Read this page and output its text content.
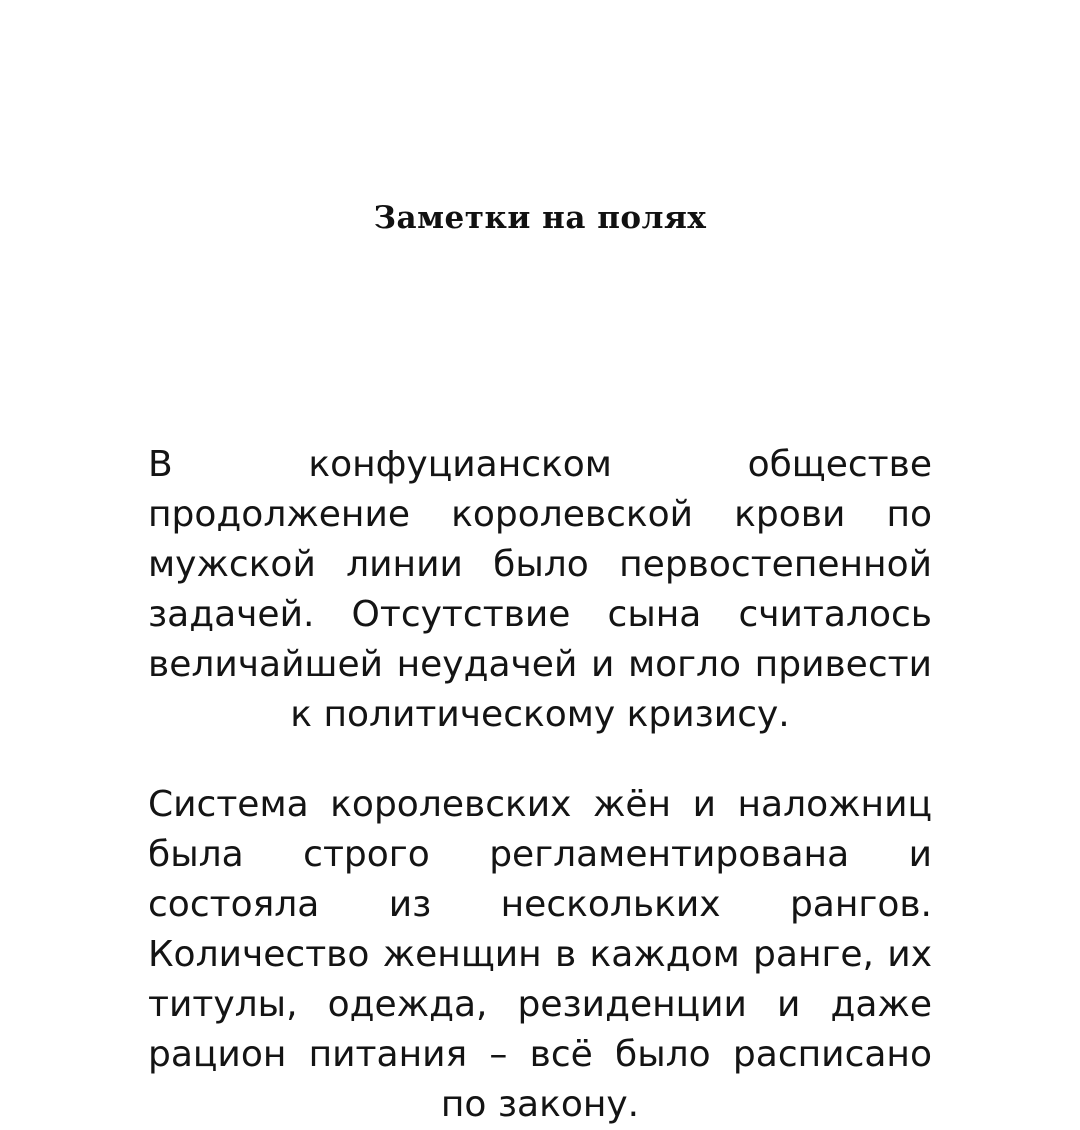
Заметки на полях

В конфуцианском обществе продолжение королевской крови по мужской линии было первостепенной задачей. Отсутствие сына считалось величайшей неудачей и могло привести к политическому кризису.

Система королевских жён и наложниц была строго регламентирована и состояла из нескольких рангов. Количество женщин в каждом ранге, их титулы, одежда, резиденции и даже рацион питания – всё было расписано по закону.
